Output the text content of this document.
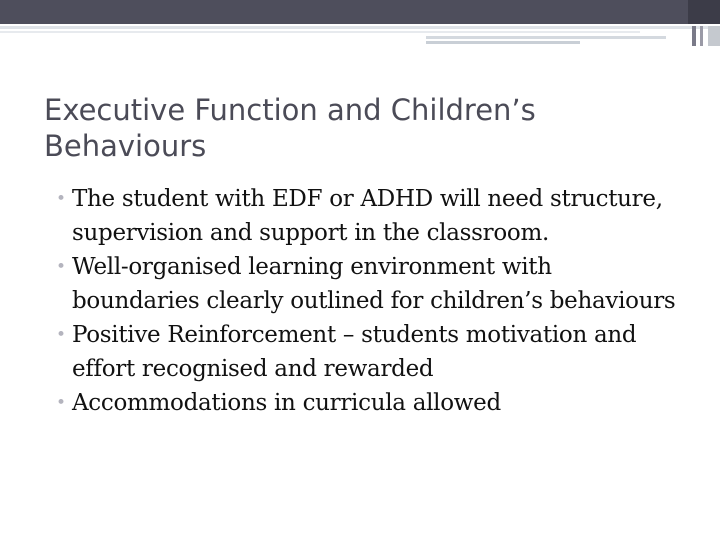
Executive Function and Children’s Behaviours
• The student with EDF or ADHD will need structure, supervision and support in the classroom.
• Well-organised learning environment with boundaries clearly outlined for children’s behaviours
• Positive Reinforcement – students motivation and effort recognised and rewarded
• Accommodations in curricula allowed
